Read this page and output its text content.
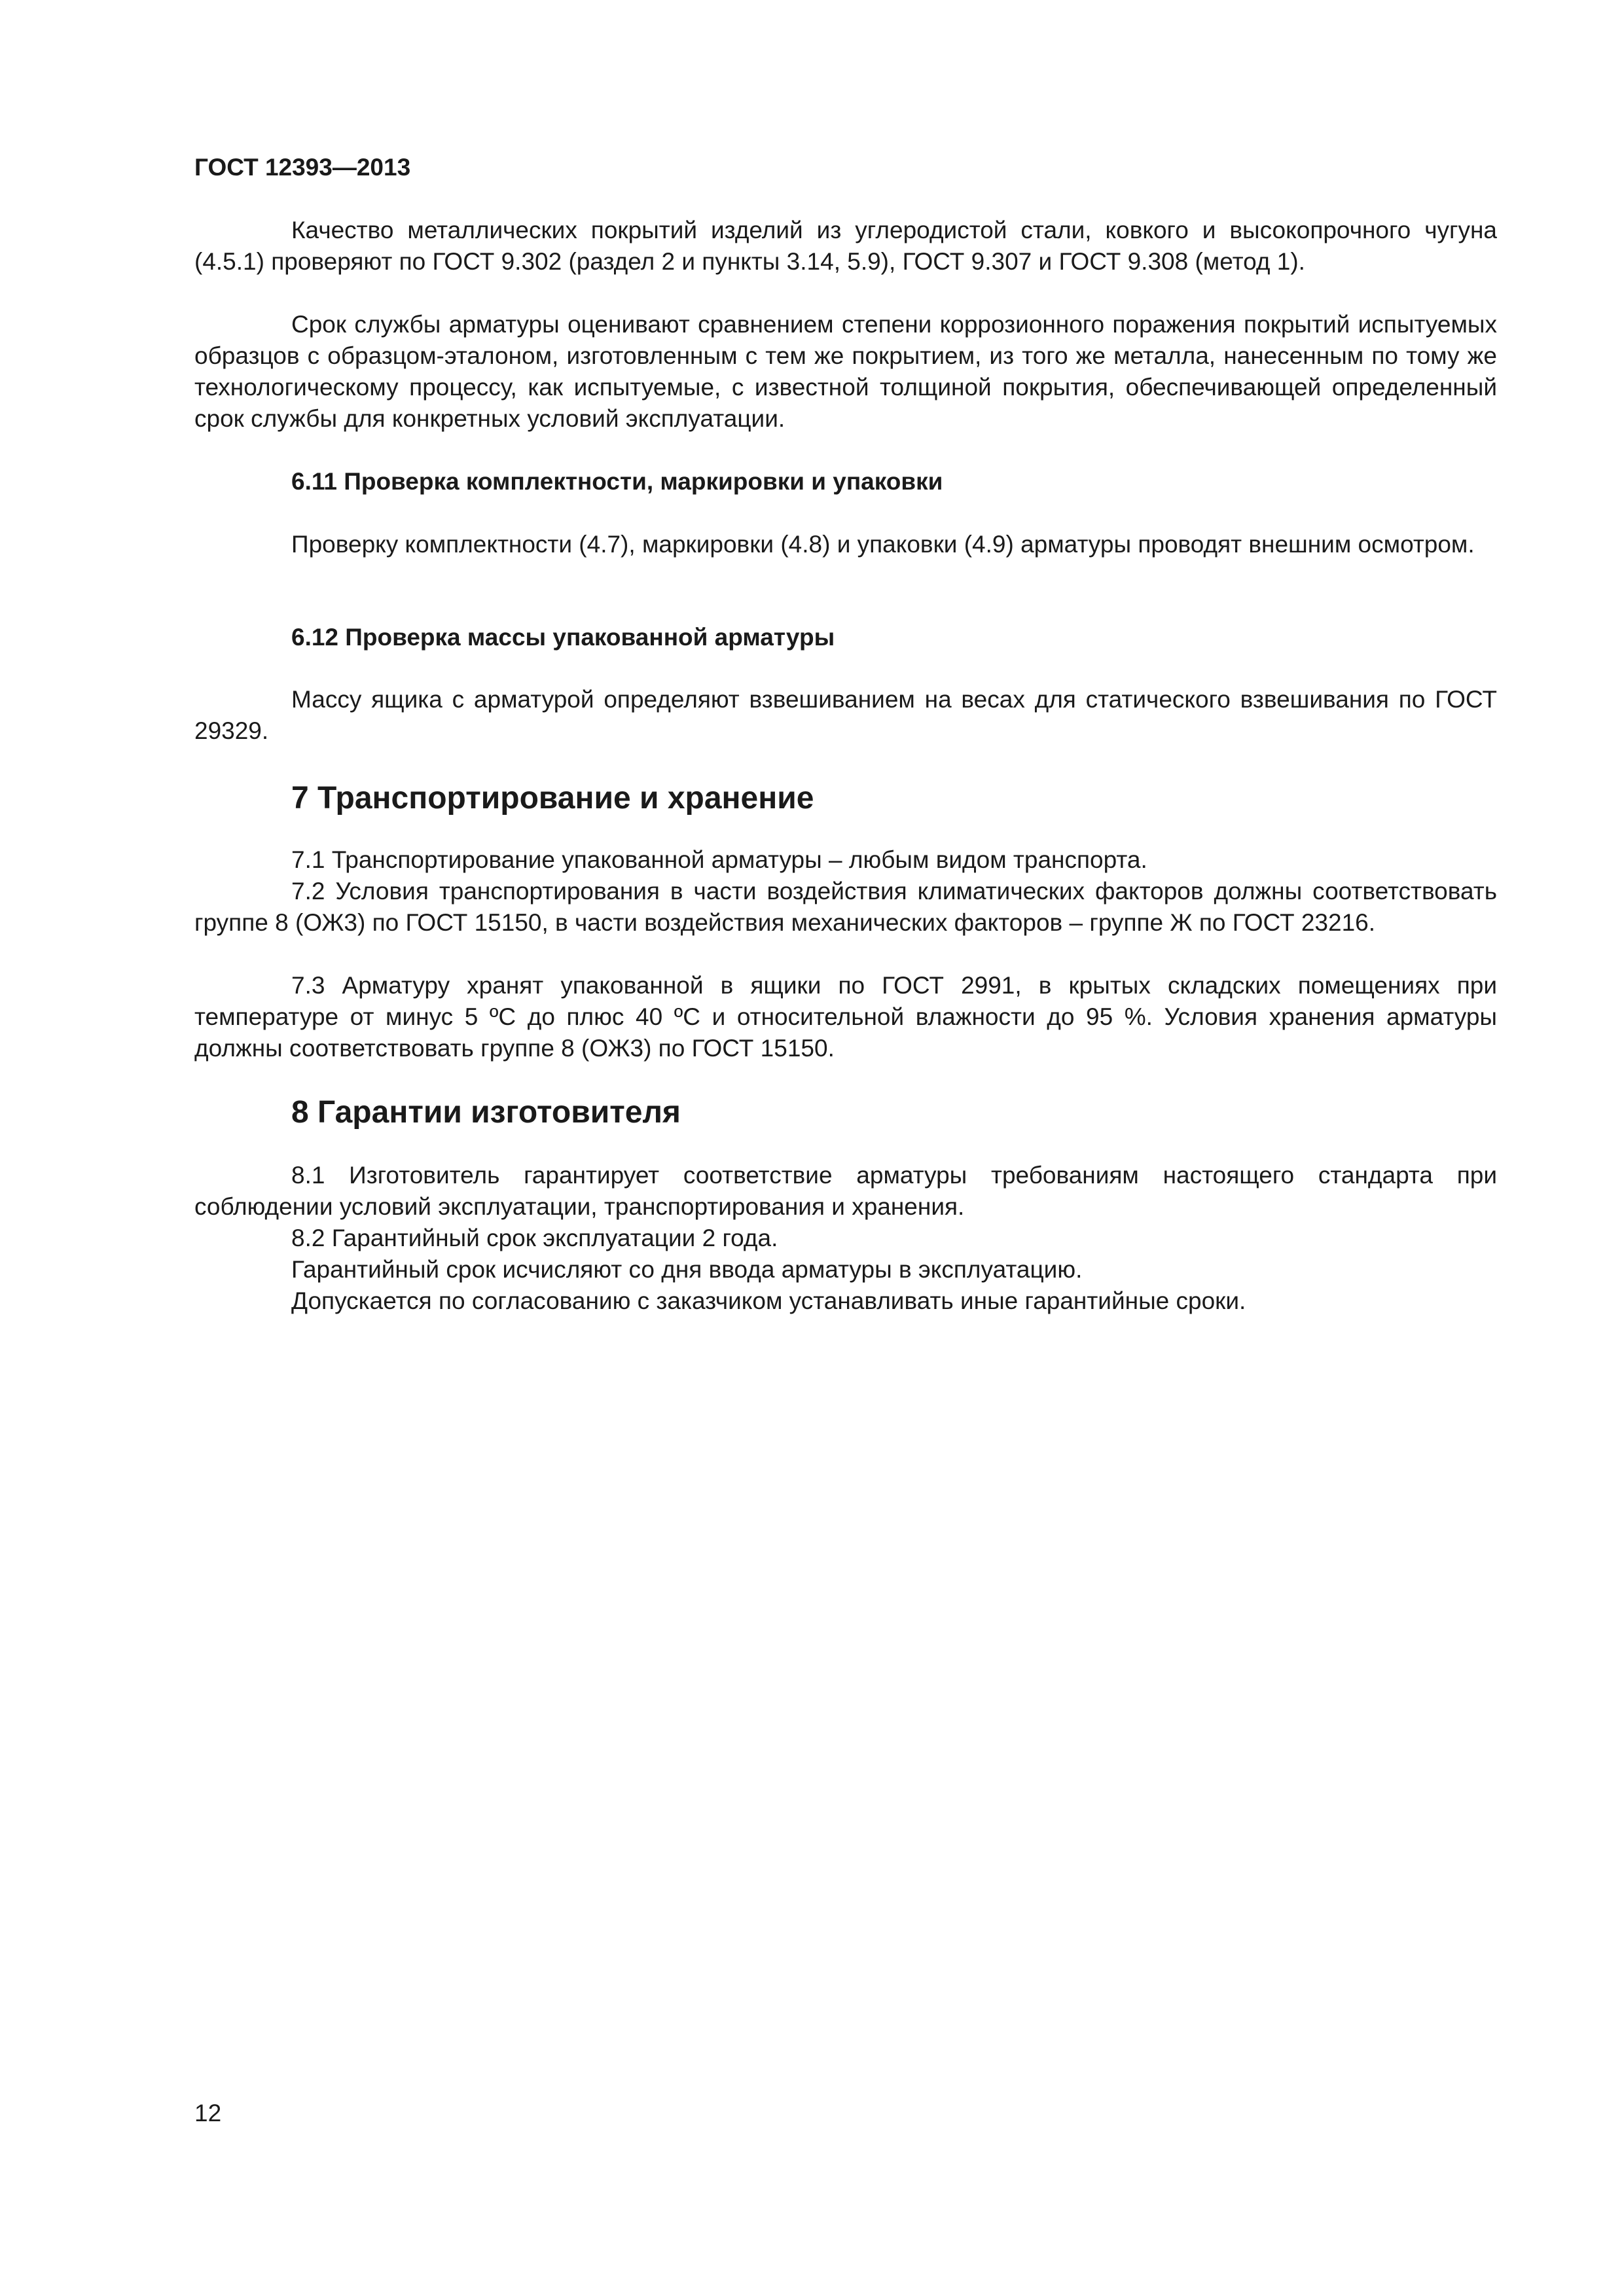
ГОСТ 12393—2013

Качество металлических покрытий изделий из углеродистой стали, ковкого и высокопрочного чугуна (4.5.1) проверяют по ГОСТ 9.302 (раздел 2 и пункты 3.14, 5.9), ГОСТ 9.307 и ГОСТ 9.308 (метод 1).

Срок службы арматуры оценивают сравнением степени коррозионного поражения покрытий испытуемых образцов с образцом-эталоном, изготовленным с тем же покрытием, из того же металла, нанесенным по тому же технологическому процессу, как испытуемые, с известной толщиной покрытия, обеспечивающей определенный срок службы для конкретных условий эксплуатации.

6.11 Проверка комплектности, маркировки и упаковки

Проверку комплектности (4.7), маркировки (4.8) и упаковки (4.9) арматуры проводят внешним осмотром.

6.12 Проверка массы упакованной арматуры

Массу ящика с арматурой определяют взвешиванием на весах для статического взвешивания по ГОСТ 29329.

7 Транспортирование и хранение

7.1 Транспортирование упакованной арматуры – любым видом транспорта.

7.2 Условия транспортирования в части воздействия климатических факторов должны соответствовать группе 8 (ОЖ3) по ГОСТ 15150, в части воздействия механических факторов – группе Ж по ГОСТ 23216.

7.3 Арматуру хранят упакованной в ящики по ГОСТ 2991, в крытых складских помещениях при температуре от минус 5 ºС до плюс 40 ºС и относительной влажности до 95 %. Условия хранения арматуры должны соответствовать группе 8 (ОЖ3) по ГОСТ 15150.

8 Гарантии изготовителя

8.1 Изготовитель гарантирует соответствие арматуры требованиям настоящего стандарта при соблюдении условий эксплуатации, транспортирования и хранения.

8.2 Гарантийный срок эксплуатации 2 года.

Гарантийный срок исчисляют со дня ввода арматуры в эксплуатацию.

Допускается по согласованию с заказчиком устанавливать иные гарантийные сроки.

12
